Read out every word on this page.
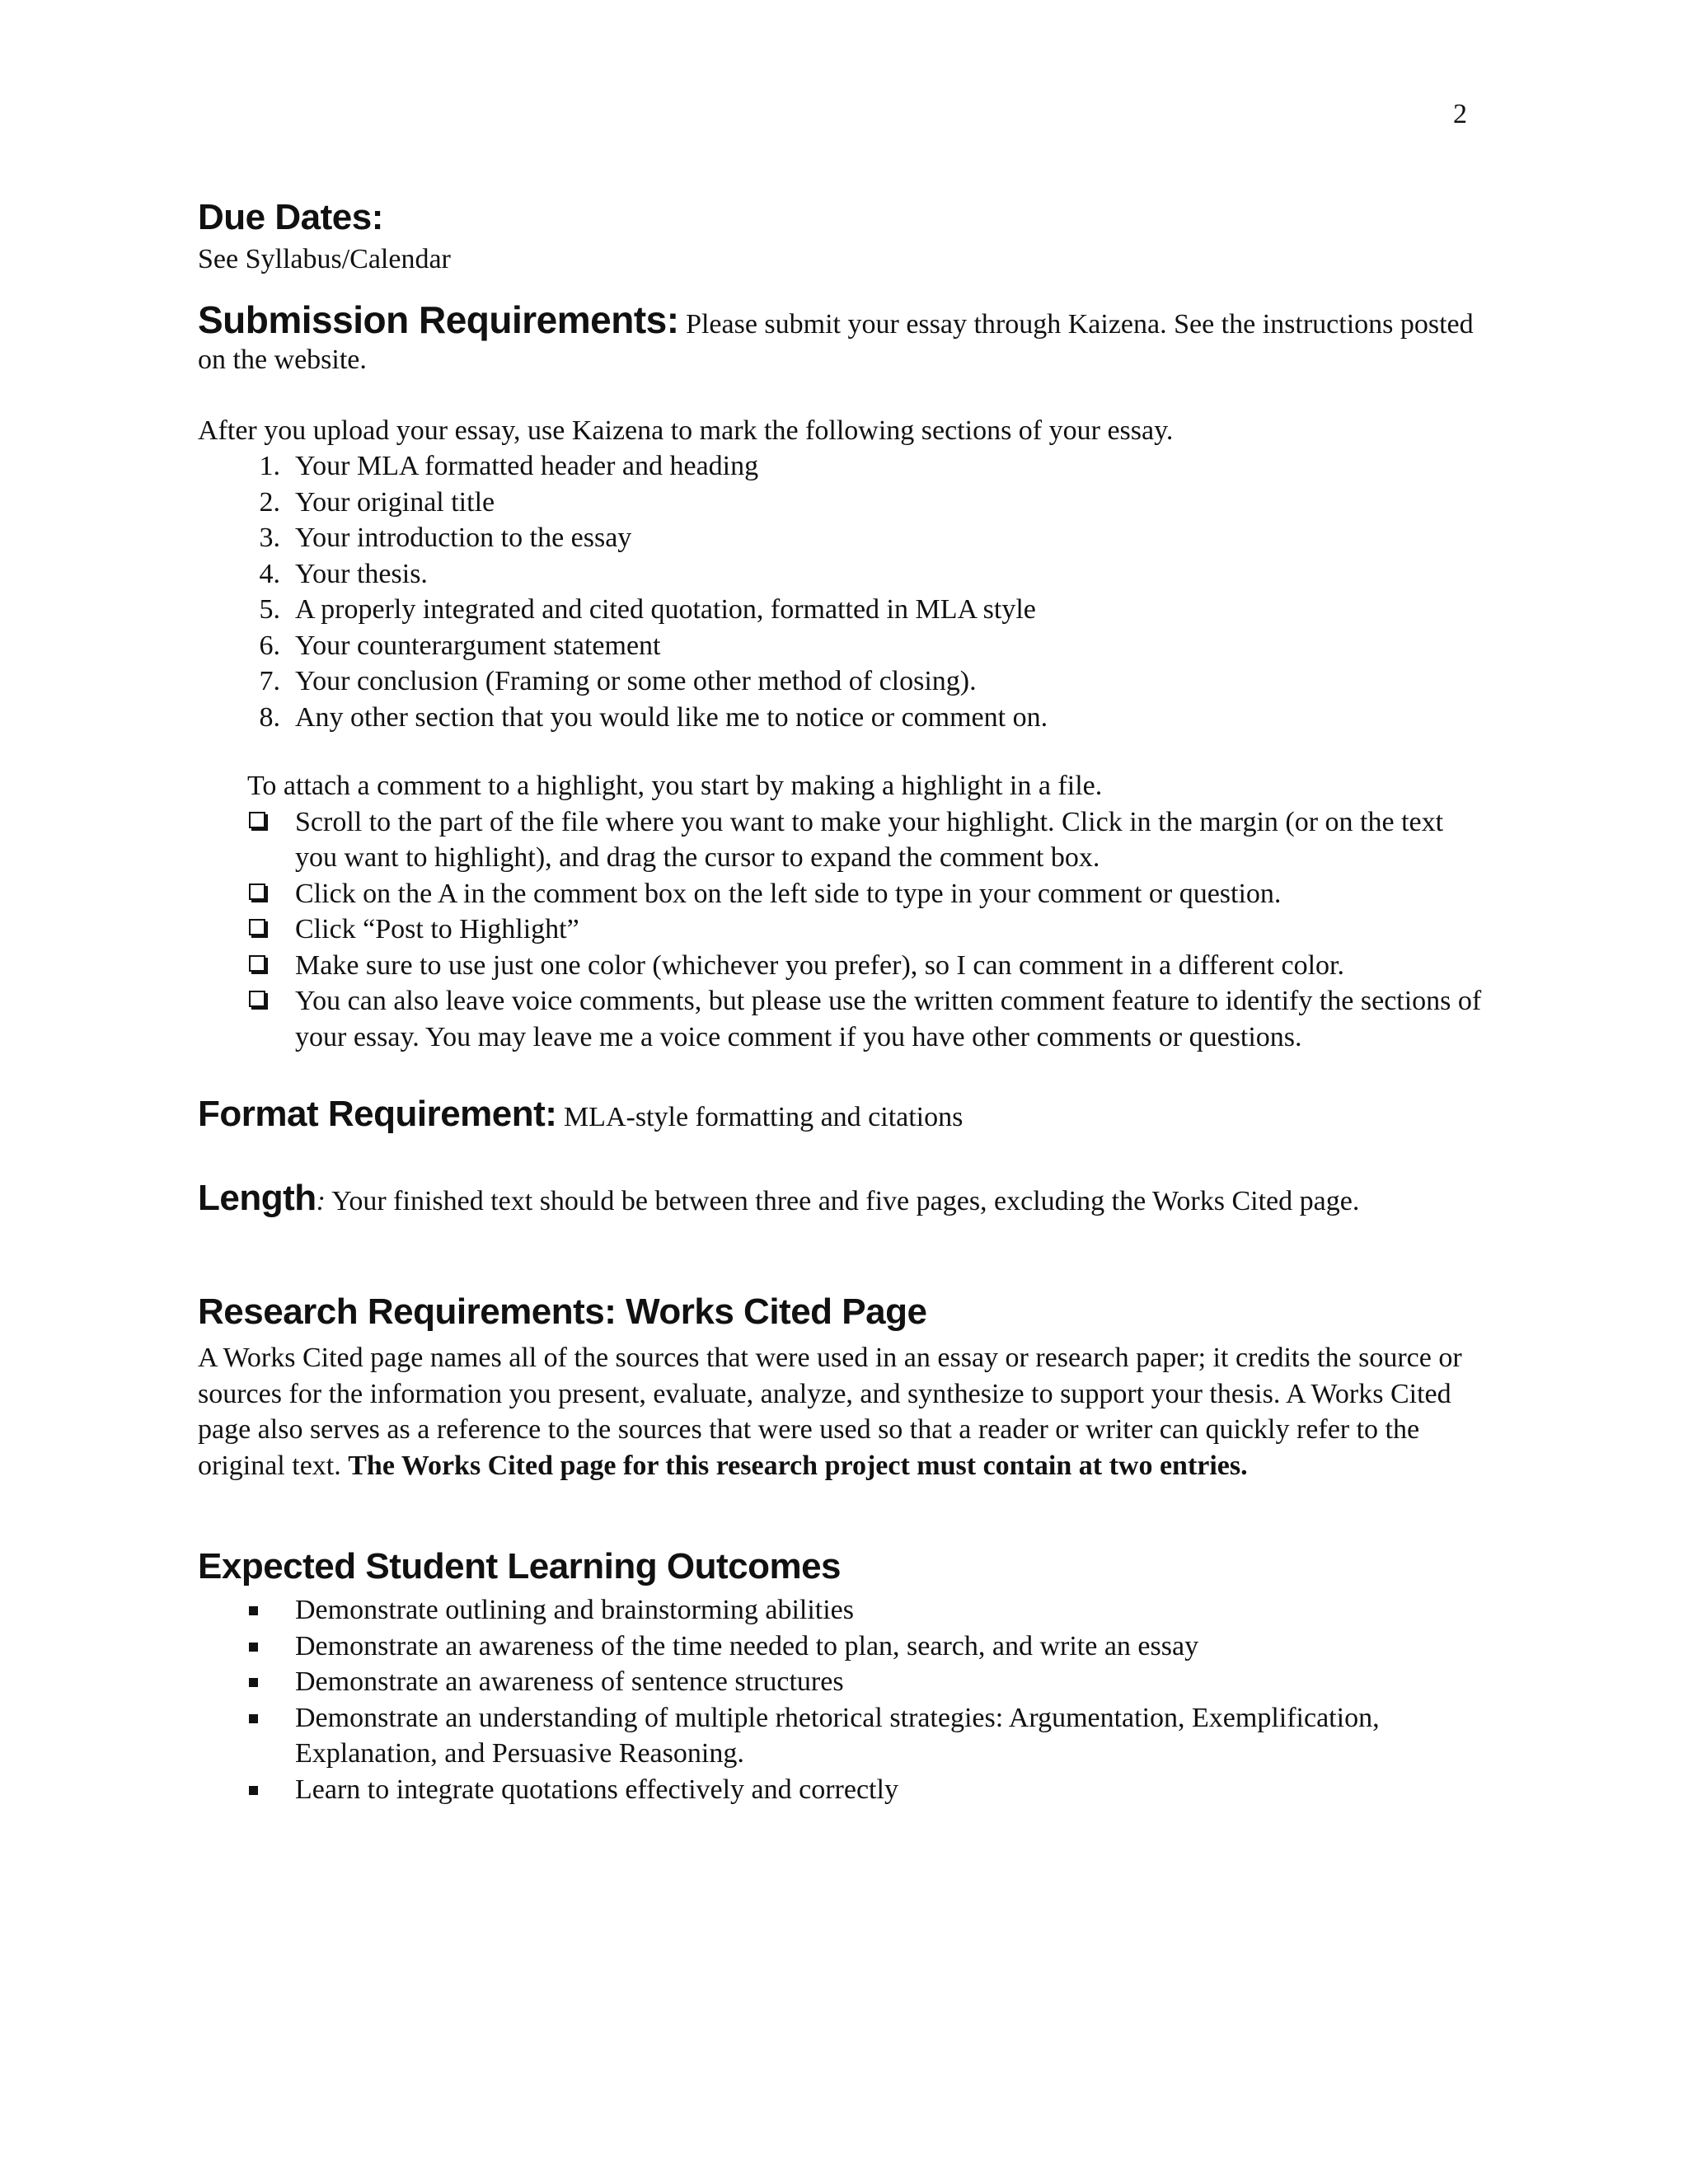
2
Due Dates:

See Syllabus/Calendar

Submission Requirements: Please submit your essay through Kaizena. See the instructions posted on the website.

After you upload your essay, use Kaizena to mark the following sections of your essay.

1. Your MLA formatted header and heading
2. Your original title
3. Your introduction to the essay
4. Your thesis.
5. A properly integrated and cited quotation, formatted in MLA style
6. Your counterargument statement
7. Your conclusion (Framing or some other method of closing).
8. Any other section that you would like me to notice or comment on.

To attach a comment to a highlight, you start by making a highlight in a file.

Scroll to the part of the file where you want to make your highlight. Click in the margin (or on the text you want to highlight), and drag the cursor to expand the comment box.
Click on the A in the comment box on the left side to type in your comment or question.
Click “Post to Highlight”
Make sure to use just one color (whichever you prefer), so I can comment in a different color.
You can also leave voice comments, but please use the written comment feature to identify the sections of your essay. You may leave me a voice comment if you have other comments or questions.

Format Requirement: MLA-style formatting and citations

Length: Your finished text should be between three and five pages, excluding the Works Cited page.

Research Requirements: Works Cited Page

A Works Cited page names all of the sources that were used in an essay or research paper; it credits the source or sources for the information you present, evaluate, analyze, and synthesize to support your thesis. A Works Cited page also serves as a reference to the sources that were used so that a reader or writer can quickly refer to the original text. The Works Cited page for this research project must contain at two entries.

Expected Student Learning Outcomes
Demonstrate outlining and brainstorming abilities
Demonstrate an awareness of the time needed to plan, search, and write an essay
Demonstrate an awareness of sentence structures
Demonstrate an understanding of multiple rhetorical strategies: Argumentation, Exemplification, Explanation, and Persuasive Reasoning.
Learn to integrate quotations effectively and correctly
